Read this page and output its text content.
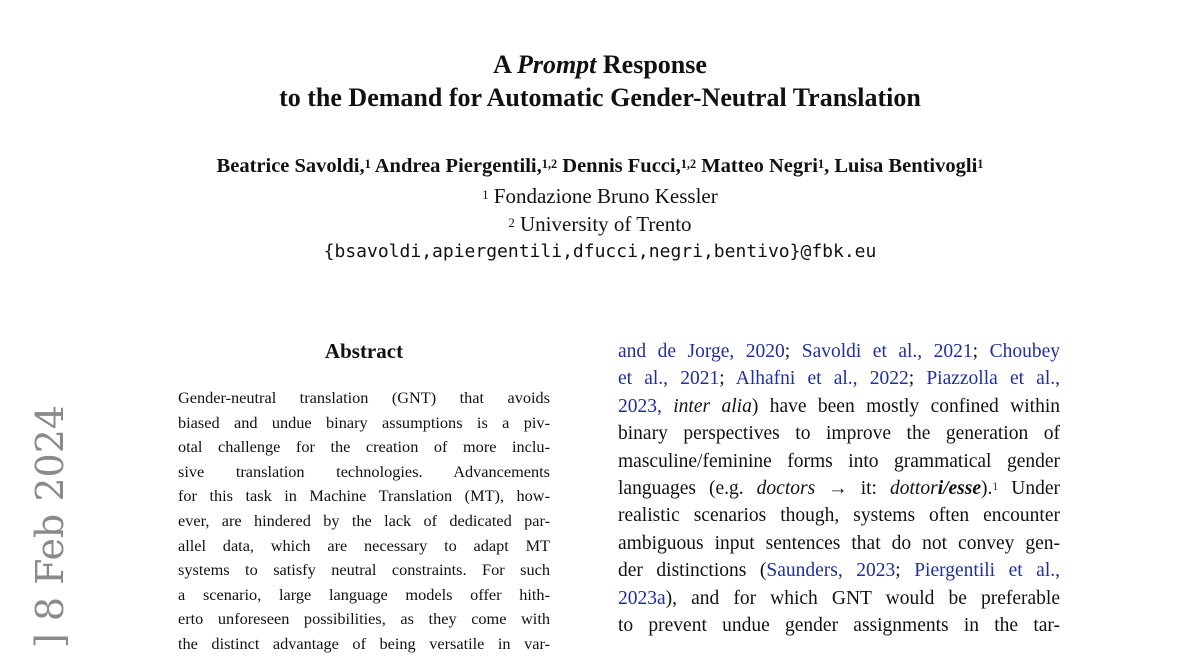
A Prompt Response
to the Demand for Automatic Gender-Neutral Translation
Beatrice Savoldi,$^1$ Andrea Piergentili,$^{1,2}$ Dennis Fucci,$^{1,2}$ Matteo Negri$^1$, Luisa Bentivogli$^1$
$^1$ Fondazione Bruno Kessler
$^2$ University of Trento
{bsavoldi,apiergentili,dfucci,negri,bentivo}@fbk.eu
Abstract
Gender-neutral translation (GNT) that avoids
biased and undue binary assumptions is a piv-
otal challenge for the creation of more inclu-
sive translation technologies. Advancements
for this task in Machine Translation (MT), how-
ever, are hindered by the lack of dedicated par-
allel data, which are necessary to adapt MT
systems to satisfy neutral constraints. For such
a scenario, large language models offer hith-
erto unforeseen possibilities, as they come with
the distinct advantage of being versatile in var-
and de Jorge, 2020; Savoldi et al., 2021; Choubey
et al., 2021; Alhafni et al., 2022; Piazzolla et al.,
2023, inter alia) have been mostly confined within
binary perspectives to improve the generation of
masculine/feminine forms into grammatical gender
languages (e.g. doctors → it: dottori/esse).$^1$ Under
realistic scenarios though, systems often encounter
ambiguous input sentences that do not convey gen-
der distinctions (Saunders, 2023; Piergentili et al.,
2023a), and for which GNT would be preferable
to prevent undue gender assignments in the tar-
] 8 Feb 2024
